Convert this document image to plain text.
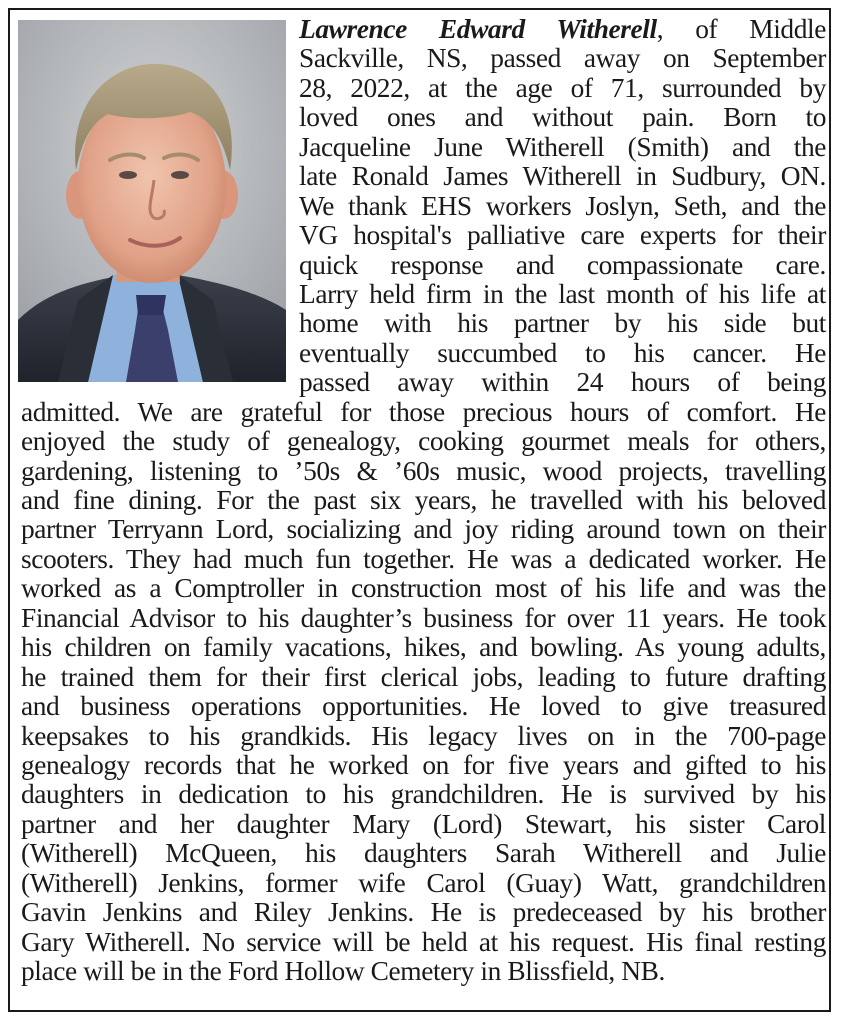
Lawrence Edward Witherell, of Middle
Sackville, NS, passed away on September
28, 2022, at the age of 71, surrounded by
loved ones and without pain. Born to
Jacqueline June Witherell (Smith) and the
late Ronald James Witherell in Sudbury, ON.
We thank EHS workers Joslyn, Seth, and the
VG hospital's palliative care experts for their
quick response and compassionate care.
Larry held firm in the last month of his life at
home with his partner by his side but
eventually succumbed to his cancer. He
passed away within 24 hours of being
admitted. We are grateful for those precious hours of comfort. He
enjoyed the study of genealogy, cooking gourmet meals for others,
gardening, listening to ’50s & ’60s music, wood projects, travelling
and fine dining. For the past six years, he travelled with his beloved
partner Terryann Lord, socializing and joy riding around town on their
scooters. They had much fun together. He was a dedicated worker. He
worked as a Comptroller in construction most of his life and was the
Financial Advisor to his daughter’s business for over 11 years. He took
his children on family vacations, hikes, and bowling. As young adults,
he trained them for their first clerical jobs, leading to future drafting
and business operations opportunities. He loved to give treasured
keepsakes to his grandkids. His legacy lives on in the 700-page
genealogy records that he worked on for five years and gifted to his
daughters in dedication to his grandchildren. He is survived by his
partner and her daughter Mary (Lord) Stewart, his sister Carol
(Witherell) McQueen, his daughters Sarah Witherell and Julie
(Witherell) Jenkins, former wife Carol (Guay) Watt, grandchildren
Gavin Jenkins and Riley Jenkins. He is predeceased by his brother
Gary Witherell. No service will be held at his request. His final resting
place will be in the Ford Hollow Cemetery in Blissfield, NB.
